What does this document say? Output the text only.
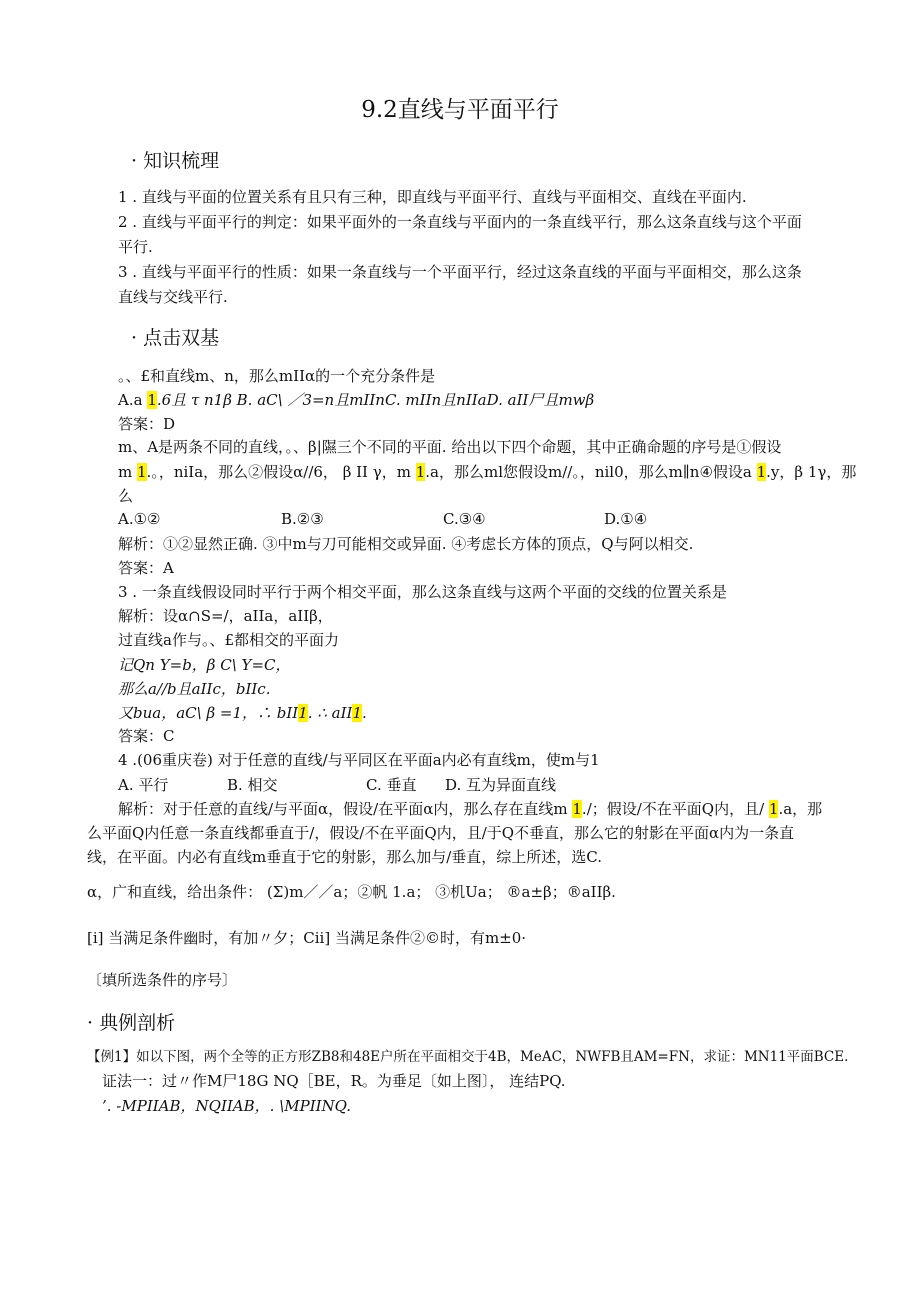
9.2直线与平面平行
· 知识梳理
1 . 直线与平面的位置关系有且只有三种，即直线与平面平行、直线与平面相交、直线在平面内.
2 . 直线与平面平行的判定：如果平面外的一条直线与平面内的一条直线平行，那么这条直线与这个平面
平行.
3 . 直线与平面平行的性质：如果一条直线与一个平面平行，经过这条直线的平面与平面相交，那么这条
直线与交线平行.
· 点击双基
。、£和直线m、n，那么mIIα的一个充分条件是
A.a 1.6且 τ n1β B. aC\ ／3=n且mIInC. mIIn且nIIaD. aII尸且mwβ
答案：D
m、A是两条不同的直线，。、β|隰三个不同的平面. 给出以下四个命题，其中正确命题的序号是①假设
m 1.。，niIa，那么②假设α//6， β II γ，m 1.a，那么ml您假设m//。，nil0，那么m∥n④假设a 1.y，β 1γ，那
么
A.①②	B.②③	C.③④	D.①④
解析：①②显然正确. ③中m与刀可能相交或异面. ④考虑长方体的顶点，Q与阿以相交.
答案：A
3 . 一条直线假设同时平行于两个相交平面，那么这条直线与这两个平面的交线的位置关系是
解析：设α∩S=/，aIIa，aIIβ，
过直线a作与。、£都相交的平面力
记Qn Y=b，β C\ Y=C，
那么a//b且aIIc，bIIc.
又bua，aC\ β =1，∴ bII1. ∴ aII1.
答案：C
4 .(06重庆卷) 对于任意的直线/与平同区在平面a内必有直线m，使m与1
A. 平行	B. 相交	C. 垂直 D. 互为异面直线
解析：对于任意的直线/与平面α，假设/在平面α内，那么存在直线m 1./；假设/不在平面Q内，且/ 1.a，那
么平面Q内任意一条直线都垂直于/，假设/不在平面Q内，且/于Q不垂直，那么它的射影在平面α内为一条直
线，在平面。内必有直线m垂直于它的射影，那么加与/垂直，综上所述，选C.
α，广和直线，给出条件： (Σ)m／／a；②帆 1.a； ③机Ua； ®a±β；®aIIβ.
[i] 当满足条件幽时，有加〃夕；Cii] 当满足条件②©时，有m±0·
〔填所选条件的序号〕
· 典例剖析
【例1】如以下图，两个全等的正方形ZB8和48E户所在平面相交于4B，MeAC，NWFB且AM=FN，求证：MN11平面BCE.
证法一：过〃作M尸18G NQ［BE，R。为垂足〔如上图〕， 连结PQ.
’. -MPIIAB，NQIIAB，. \MPIINQ.
